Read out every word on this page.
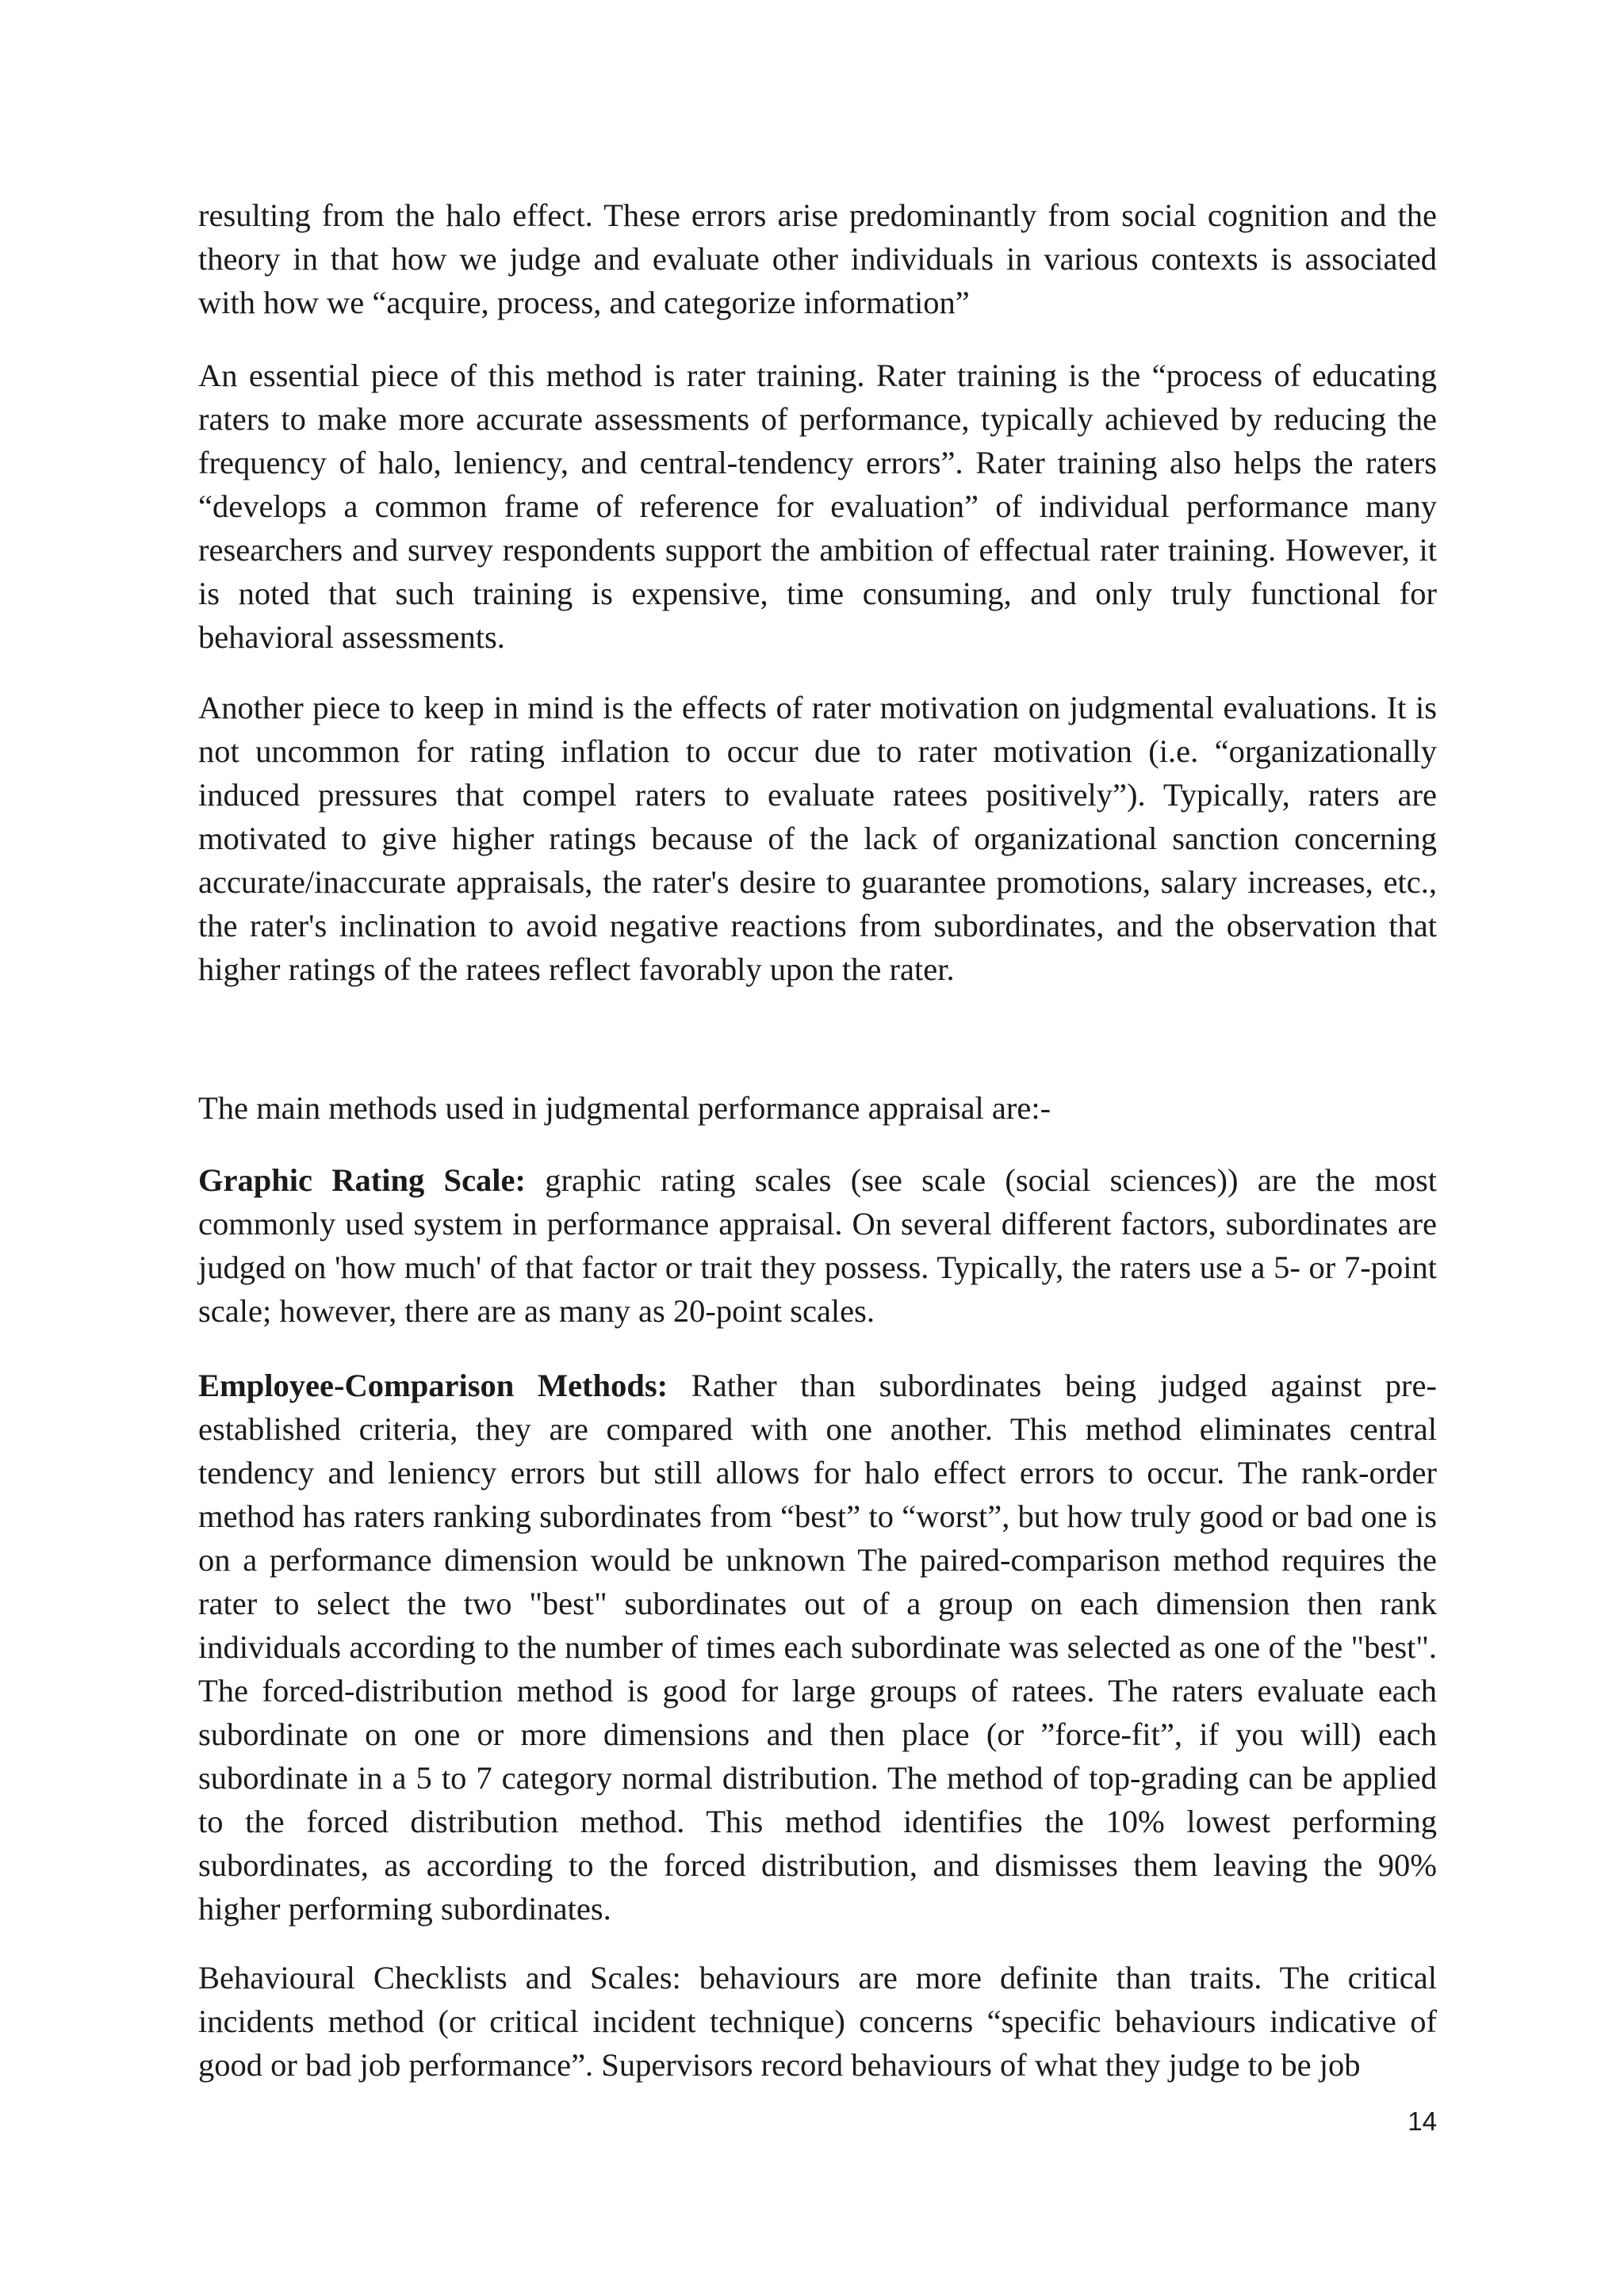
resulting from the halo effect. These errors arise predominantly from social cognition and the theory in that how we judge and evaluate other individuals in various contexts is associated with how we “acquire, process, and categorize information”

An essential piece of this method is rater training. Rater training is the “process of educating raters to make more accurate assessments of performance, typically achieved by reducing the frequency of halo, leniency, and central-tendency errors”. Rater training also helps the raters “develops a common frame of reference for evaluation” of individual performance many researchers and survey respondents support the ambition of effectual rater training. However, it is noted that such training is expensive, time consuming, and only truly functional for behavioral assessments.

Another piece to keep in mind is the effects of rater motivation on judgmental evaluations. It is not uncommon for rating inflation to occur due to rater motivation (i.e. “organizationally induced pressures that compel raters to evaluate ratees positively”). Typically, raters are motivated to give higher ratings because of the lack of organizational sanction concerning accurate/inaccurate appraisals, the rater's desire to guarantee promotions, salary increases, etc., the rater's inclination to avoid negative reactions from subordinates, and the observation that higher ratings of the ratees reflect favorably upon the rater.

The main methods used in judgmental performance appraisal are:-

Graphic Rating Scale: graphic rating scales (see scale (social sciences)) are the most commonly used system in performance appraisal. On several different factors, subordinates are judged on 'how much' of that factor or trait they possess. Typically, the raters use a 5- or 7-point scale; however, there are as many as 20-point scales.

Employee-Comparison Methods: Rather than subordinates being judged against pre-established criteria, they are compared with one another. This method eliminates central tendency and leniency errors but still allows for halo effect errors to occur. The rank-order method has raters ranking subordinates from “best” to “worst”, but how truly good or bad one is on a performance dimension would be unknown The paired-comparison method requires the rater to select the two "best" subordinates out of a group on each dimension then rank individuals according to the number of times each subordinate was selected as one of the "best". The forced-distribution method is good for large groups of ratees. The raters evaluate each subordinate on one or more dimensions and then place (or ”force-fit”, if you will) each subordinate in a 5 to 7 category normal distribution. The method of top-grading can be applied to the forced distribution method. This method identifies the 10% lowest performing subordinates, as according to the forced distribution, and dismisses them leaving the 90% higher performing subordinates.

Behavioural Checklists and Scales: behaviours are more definite than traits. The critical incidents method (or critical incident technique) concerns “specific behaviours indicative of good or bad job performance”. Supervisors record behaviours of what they judge to be job

14
